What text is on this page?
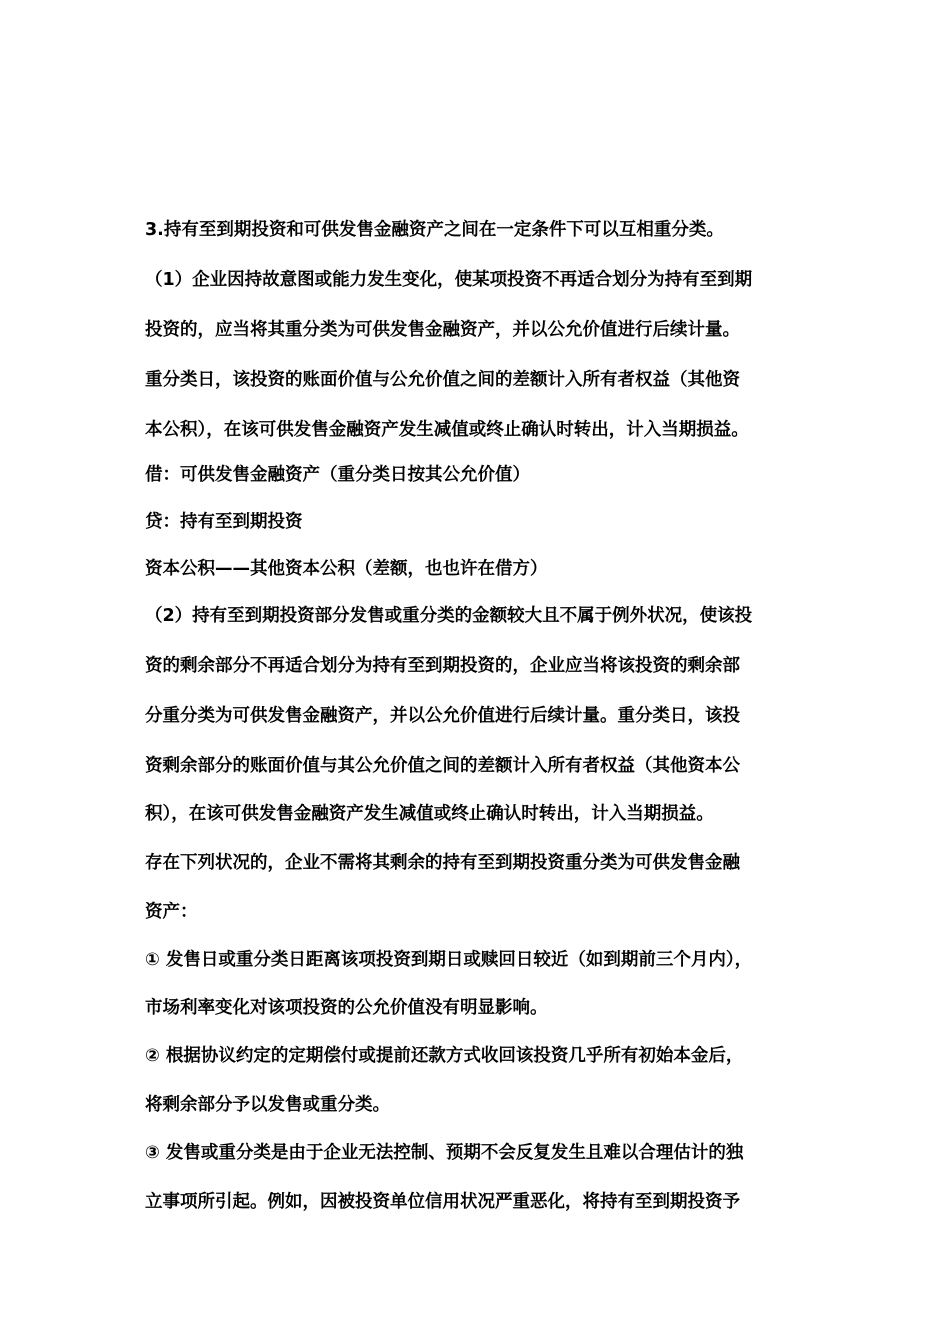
3.持有至到期投资和可供发售金融资产之间在一定条件下可以互相重分类。
（1）企业因持故意图或能力发生变化，使某项投资不再适合划分为持有至到期
投资的，应当将其重分类为可供发售金融资产，并以公允价值进行后续计量。
重分类日，该投资的账面价值与公允价值之间的差额计入所有者权益（其他资
本公积），在该可供发售金融资产发生减值或终止确认时转出，计入当期损益。
借：可供发售金融资产（重分类日按其公允价值）
贷：持有至到期投资
资本公积——其他资本公积（差额，也也许在借方）
（2）持有至到期投资部分发售或重分类的金额较大且不属于例外状况，使该投
资的剩余部分不再适合划分为持有至到期投资的，企业应当将该投资的剩余部
分重分类为可供发售金融资产，并以公允价值进行后续计量。重分类日，该投
资剩余部分的账面价值与其公允价值之间的差额计入所有者权益（其他资本公
积），在该可供发售金融资产发生减值或终止确认时转出，计入当期损益。
存在下列状况的，企业不需将其剩余的持有至到期投资重分类为可供发售金融
资产：
① 发售日或重分类日距离该项投资到期日或赎回日较近（如到期前三个月内），
市场利率变化对该项投资的公允价值没有明显影响。
② 根据协议约定的定期偿付或提前还款方式收回该投资几乎所有初始本金后，
将剩余部分予以发售或重分类。
③ 发售或重分类是由于企业无法控制、预期不会反复发生且难以合理估计的独
立事项所引起。例如，因被投资单位信用状况严重恶化，将持有至到期投资予
